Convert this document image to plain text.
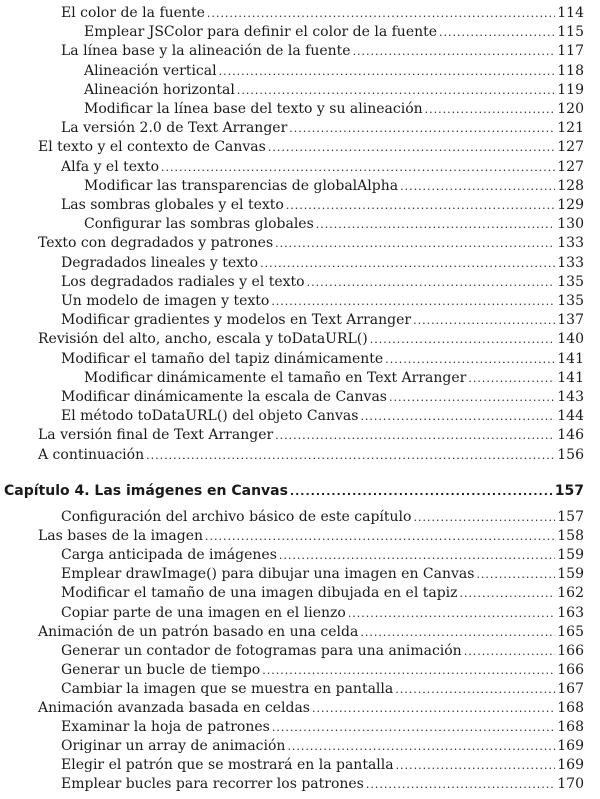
El color de la fuente .....	114
Emplear JSColor para definir el color de la fuente .....	115
La línea base y la alineación de la fuente .....	117
Alineación vertical .....	118
Alineación horizontal .....	119
Modificar la línea base del texto y su alineación .....	120
La versión 2.0 de Text Arranger .....	121
El texto y el contexto de Canvas .....	127
Alfa y el texto .....	127
Modificar las transparencias de globalAlpha .....	128
Las sombras globales y el texto .....	129
Configurar las sombras globales .....	130
Texto con degradados y patrones .....	133
Degradados lineales y texto .....	133
Los degradados radiales y el texto .....	135
Un modelo de imagen y texto .....	135
Modificar gradientes y modelos en Text Arranger .....	137
Revisión del alto, ancho, escala y toDataURL() .....	140
Modificar el tamaño del tapiz dinámicamente .....	141
Modificar dinámicamente el tamaño en Text Arranger .....	141
Modificar dinámicamente la escala de Canvas .....	143
El método toDataURL() del objeto Canvas .....	144
La versión final de Text Arranger .....	146
A continuación .....	156
Capítulo 4. Las imágenes en Canvas .....	157
Configuración del archivo básico de este capítulo .....	157
Las bases de la imagen .....	158
Carga anticipada de imágenes .....	159
Emplear drawImage() para dibujar una imagen en Canvas .....	159
Modificar el tamaño de una imagen dibujada en el tapiz .....	162
Copiar parte de una imagen en el lienzo .....	163
Animación de un patrón basado en una celda .....	165
Generar un contador de fotogramas para una animación .....	166
Generar un bucle de tiempo .....	166
Cambiar la imagen que se muestra en pantalla .....	167
Animación avanzada basada en celdas .....	168
Examinar la hoja de patrones .....	168
Originar un array de animación .....	169
Elegir el patrón que se mostrará en la pantalla .....	169
Emplear bucles para recorrer los patrones .....	170
